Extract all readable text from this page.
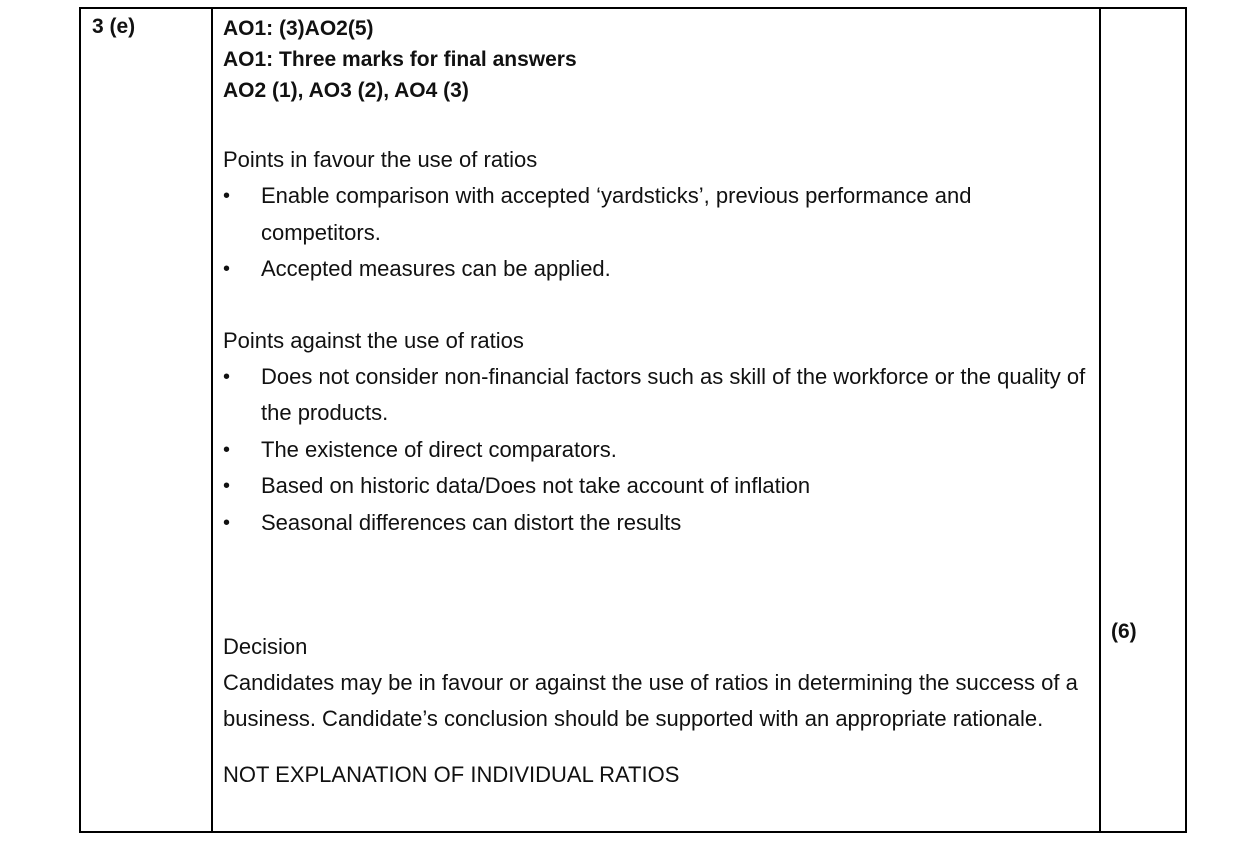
3 (e)	AO1: (3)AO2(5)

AO1: Three marks for final answers

AO2 (1), AO3 (2), AO4 (3)

Points in favour the use of ratios

• Enable comparison with accepted ‘yardsticks’, previous performance and competitors.
• Accepted measures can be applied.

Points against the use of ratios

• Does not consider non-financial factors such as skill of the workforce or the quality of the products.
• The existence of direct comparators.
• Based on historic data/Does not take account of inflation
• Seasonal differences can distort the results

Decision

Candidates may be in favour or against the use of ratios in determining the success of a business. Candidate’s conclusion should be supported with an appropriate rationale.

NOT EXPLANATION OF INDIVIDUAL RATIOS

(6)
